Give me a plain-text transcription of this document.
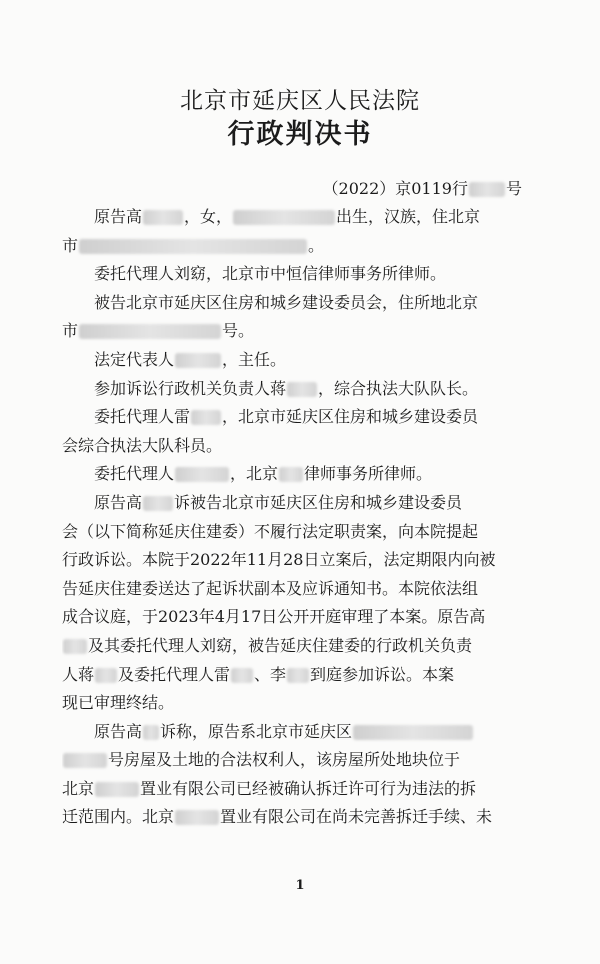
北京市延庆区人民法院
行政判决书
（2022）京0119行 号
原告高	，女，	出生，汉族，住北京
市	。
委托代理人刘窈，北京市中恒信律师事务所律师。
被告北京市延庆区住房和城乡建设委员会，住所地北京
市	号。
法定代表人	，主任。
参加诉讼行政机关负责人蒋 ，综合执法大队队长。
委托代理人雷 ，北京市延庆区住房和城乡建设委员
会综合执法大队科员。
委托代理人	，北京 律师事务所律师。
原告高 诉被告北京市延庆区住房和城乡建设委员
会（以下简称延庆住建委）不履行法定职责案，向本院提起
行政诉讼。本院于2022年11月28日立案后，法定期限内向被
告延庆住建委送达了起诉状副本及应诉通知书。本院依法组
成合议庭，于2023年4月17日公开开庭审理了本案。原告高
及其委托代理人刘窈，被告延庆住建委的行政机关负责
人蒋 及委托代理人雷 、李 到庭参加诉讼。本案
现已审理终结。
原告高 诉称，原告系北京市延庆区
号房屋及土地的合法权利人，该房屋所处地块位于
北京	置业有限公司已经被确认拆迁许可行为违法的拆
迁范围内。北京	置业有限公司在尚未完善拆迁手续、未
1
